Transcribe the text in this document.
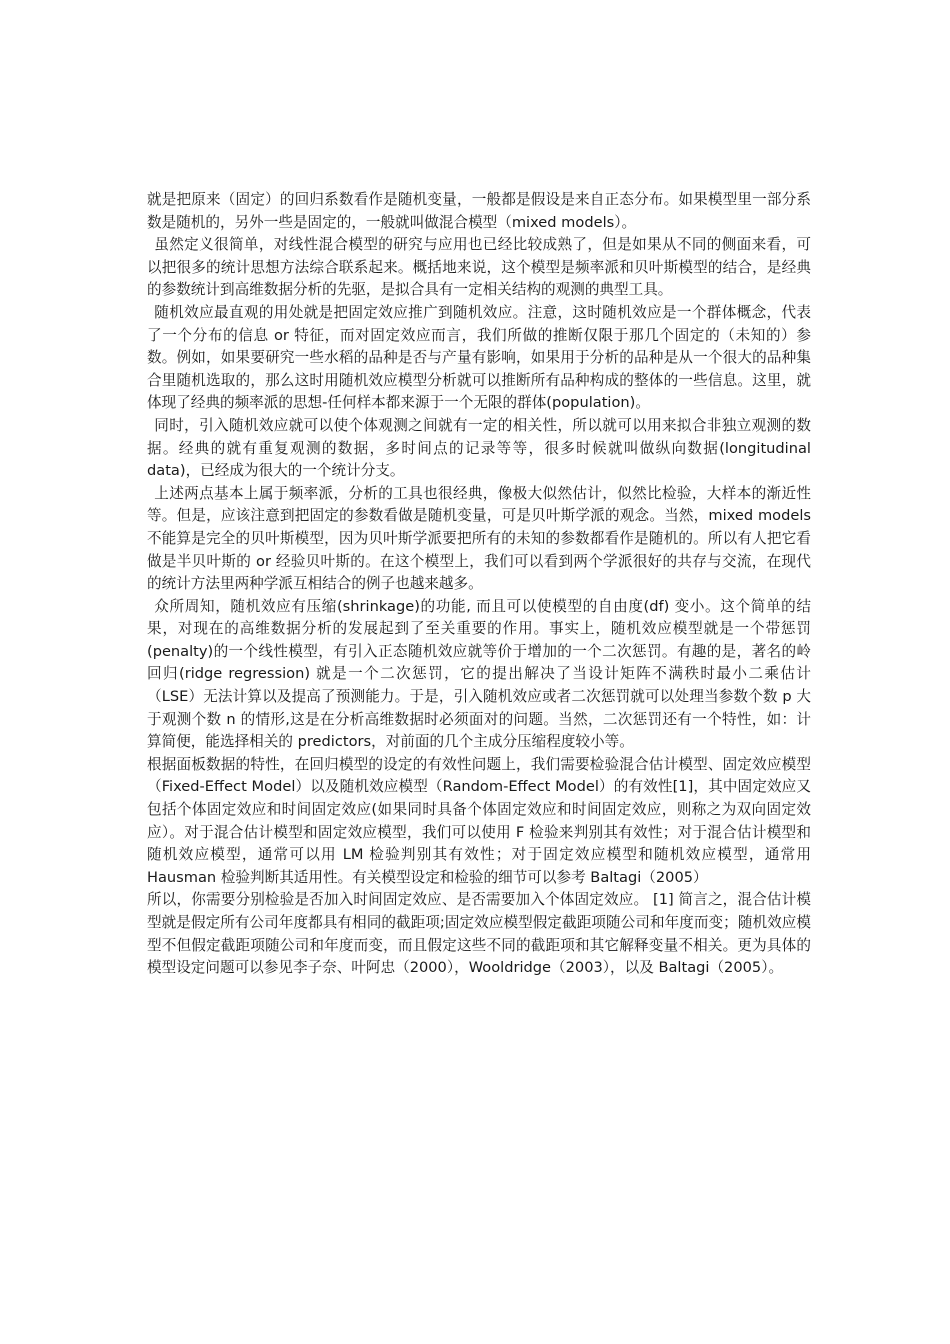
就是把原来（固定）的回归系数看作是随机变量，一般都是假设是来自正态分布。如果模型里一部分系数是随机的，另外一些是固定的，一般就叫做混合模型（mixed models）。

虽然定义很简单，对线性混合模型的研究与应用也已经比较成熟了，但是如果从不同的侧面来看，可以把很多的统计思想方法综合联系起来。概括地来说，这个模型是频率派和贝叶斯模型的结合，是经典的参数统计到高维数据分析的先驱，是拟合具有一定相关结构的观测的典型工具。

随机效应最直观的用处就是把固定效应推广到随机效应。注意，这时随机效应是一个群体概念，代表了一个分布的信息 or 特征，而对固定效应而言，我们所做的推断仅限于那几个固定的（未知的）参数。例如，如果要研究一些水稻的品种是否与产量有影响，如果用于分析的品种是从一个很大的品种集合里随机选取的，那么这时用随机效应模型分析就可以推断所有品种构成的整体的一些信息。这里，就体现了经典的频率派的思想-任何样本都来源于一个无限的群体(population)。

同时，引入随机效应就可以使个体观测之间就有一定的相关性，所以就可以用来拟合非独立观测的数据。经典的就有重复观测的数据，多时间点的记录等等，很多时候就叫做纵向数据(longitudinal data)，已经成为很大的一个统计分支。

上述两点基本上属于频率派，分析的工具也很经典，像极大似然估计，似然比检验，大样本的渐近性等。但是，应该注意到把固定的参数看做是随机变量，可是贝叶斯学派的观念。当然，mixed models 不能算是完全的贝叶斯模型，因为贝叶斯学派要把所有的未知的参数都看作是随机的。所以有人把它看做是半贝叶斯的 or 经验贝叶斯的。在这个模型上，我们可以看到两个学派很好的共存与交流，在现代的统计方法里两种学派互相结合的例子也越来越多。

众所周知，随机效应有压缩(shrinkage)的功能, 而且可以使模型的自由度(df) 变小。这个简单的结果，对现在的高维数据分析的发展起到了至关重要的作用。事实上，随机效应模型就是一个带惩罚(penalty)的一个线性模型，有引入正态随机效应就等价于增加的一个二次惩罚。有趣的是，著名的岭回归(ridge regression) 就是一个二次惩罚，它的提出解决了当设计矩阵不满秩时最小二乘估计（LSE）无法计算以及提高了预测能力。于是，引入随机效应或者二次惩罚就可以处理当参数个数 p 大于观测个数 n 的情形,这是在分析高维数据时必须面对的问题。当然，二次惩罚还有一个特性，如：计算简便，能选择相关的 predictors，对前面的几个主成分压缩程度较小等。

根据面板数据的特性，在回归模型的设定的有效性问题上，我们需要检验混合估计模型、固定效应模型（Fixed-Effect Model）以及随机效应模型（Random-Effect Model）的有效性[1]，其中固定效应又包括个体固定效应和时间固定效应(如果同时具备个体固定效应和时间固定效应，则称之为双向固定效应）。对于混合估计模型和固定效应模型，我们可以使用 F 检验来判别其有效性；对于混合估计模型和随机效应模型，通常可以用 LM 检验判别其有效性；对于固定效应模型和随机效应模型，通常用 Hausman 检验判断其适用性。有关模型设定和检验的细节可以参考 Baltagi（2005）

所以，你需要分别检验是否加入时间固定效应、是否需要加入个体固定效应。 [1] 简言之，混合估计模型就是假定所有公司年度都具有相同的截距项;固定效应模型假定截距项随公司和年度而变；随机效应模型不但假定截距项随公司和年度而变，而且假定这些不同的截距项和其它解释变量不相关。更为具体的模型设定问题可以参见李子奈、叶阿忠（2000），Wooldridge（2003），以及 Baltagi（2005）。
